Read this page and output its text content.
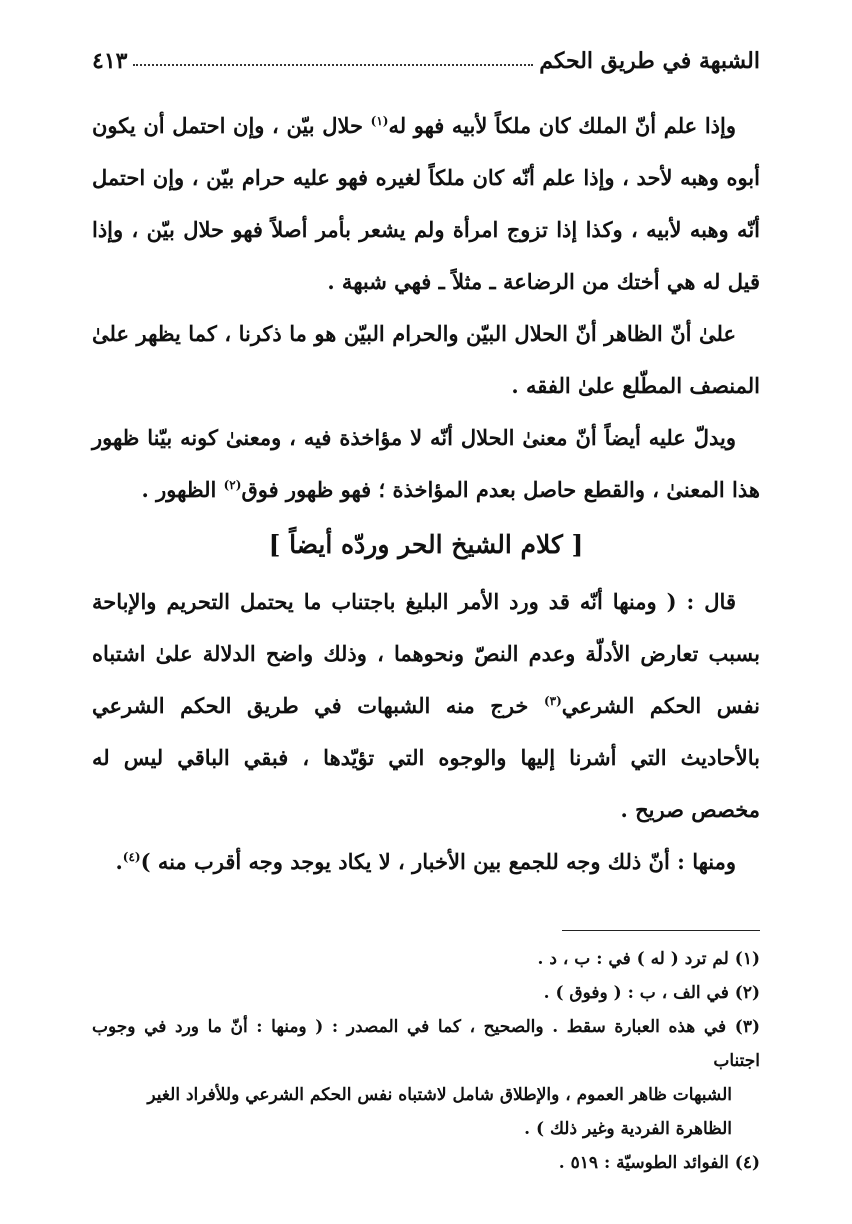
٤١٣	الشبهة في طريق الحكم

وإذا علم أنّ الملك كان ملكاً لأبيه فهو له$^{(١)}$ حلال بيّن ، وإن احتمل أن يكون أبوه وهبه لأحد ، وإذا علم أنّه كان ملكاً لغيره فهو عليه حرام بيّن ، وإن احتمل أنّه وهبه لأبيه ، وكذا إذا تزوج امرأة ولم يشعر بأمر أصلاً فهو حلال بيّن ، وإذا قيل له هي أختك من الرضاعة ـ مثلاً ـ فهي شبهة .

علىٰ أنّ الظاهر أنّ الحلال البيّن والحرام البيّن هو ما ذكرنا ، كما يظهر علىٰ المنصف المطّلع علىٰ الفقه .

ويدلّ عليه أيضاً أنّ معنىٰ الحلال أنّه لا مؤاخذة فيه ، ومعنىٰ كونه بيّنا ظهور هذا المعنىٰ ، والقطع حاصل بعدم المؤاخذة ؛ فهو ظهور فوق$^{(٢)}$ الظهور .

[ كلام الشيخ الحر وردّه أيضاً ]

قال : ( ومنها أنّه قد ورد الأمر البليغ باجتناب ما يحتمل التحريم والإباحة بسبب تعارض الأدلّة وعدم النصّ ونحوهما ، وذلك واضح الدلالة علىٰ اشتباه نفس الحكم الشرعي$^{(٣)}$ خرج منه الشبهات في طريق الحكم الشرعي بالأحاديث التي أشرنا إليها والوجوه التي تؤيّدها ، فبقي الباقي ليس له مخصص صريح .

ومنها : أنّ ذلك وجه للجمع بين الأخبار ، لا يكاد يوجد وجه أقرب منه )$^{(٤)}$.

(١) لم ترد ( له ) في : ب ، د .

(٢) في الف ، ب : ( وفوق ) .

(٣) في هذه العبارة سقط . والصحيح ، كما في المصدر : ( ومنها : أنّ ما ورد في وجوب اجتناب

الشبهات ظاهر العموم ، والإطلاق شامل لاشتباه نفس الحكم الشرعي وللأفراد الغير

الظاهرة الفردية وغير ذلك ) .

(٤) الفوائد الطوسيّة : ٥١٩ .
